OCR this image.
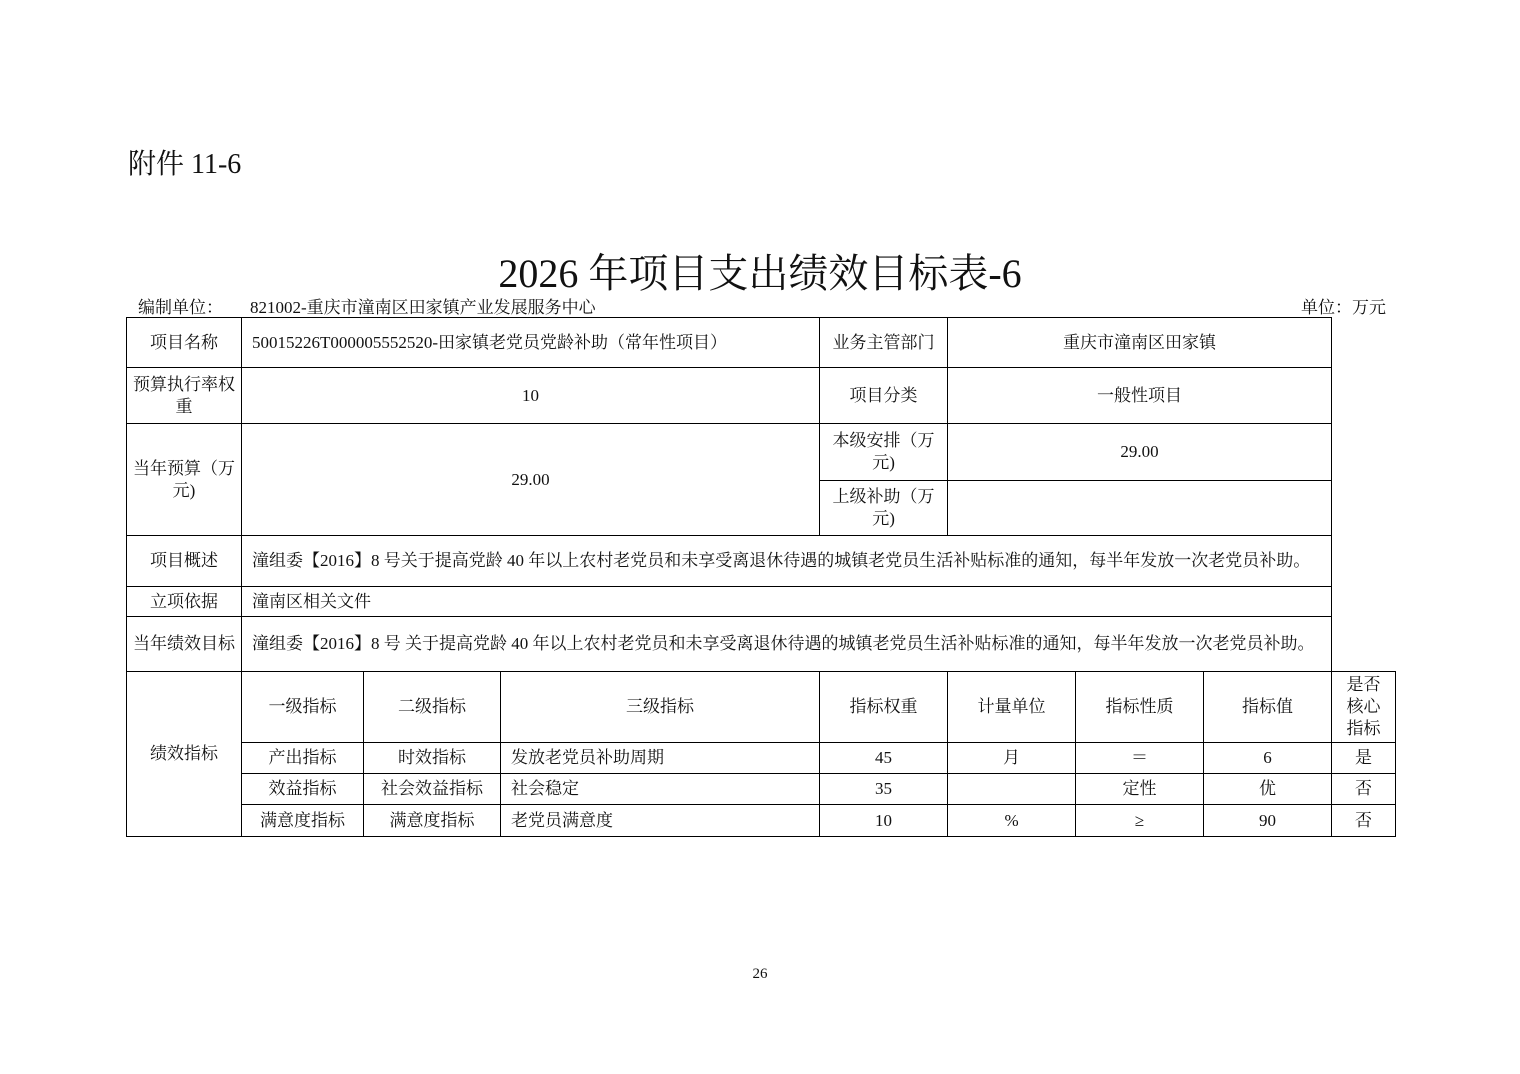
附件 11-6
2026 年项目支出绩效目标表-6
编制单位： 821002-重庆市潼南区田家镇产业发展服务中心	单位：万元
项目名称	50015226T000005552520-田家镇老党员党龄补助（常年性项目）			业务主管部门	重庆市潼南区田家镇			
预算执行率权重	10			项目分类	一般性项目			
当年预算（万元)	29.00			本级安排（万元)	29.00			
				上级补助（万元)				
项目概述	潼组委【2016】8 号关于提高党龄 40 年以上农村老党员和未享受离退休待遇的城镇老党员生活补贴标准的通知，每半年发放一次老党员补助。							
立项依据	潼南区相关文件							
当年绩效目标	潼组委【2016】8 号 关于提高党龄 40 年以上农村老党员和未享受离退休待遇的城镇老党员生活补贴标准的通知，每半年发放一次老党员补助。							
绩效指标	一级指标	二级指标	三级指标	指标权重	计量单位	指标性质	指标值	是否核心指标
	产出指标	时效指标	发放老党员补助周期	45	月	＝	6	是
	效益指标	社会效益指标	社会稳定	35		定性	优	否
	满意度指标	满意度指标	老党员满意度	10	%	≥	90	否
26
